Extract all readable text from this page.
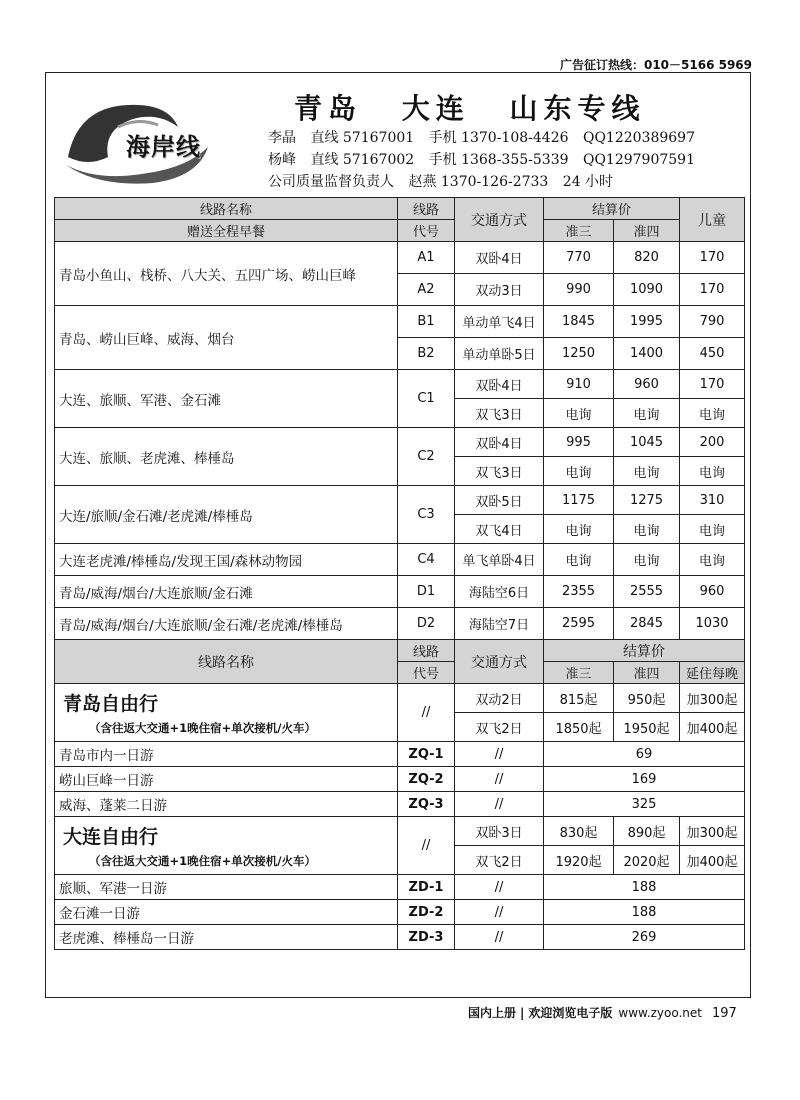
广告征订热线：010－5166 5969
海岸线
青岛 大连 山东专线
李晶 直线 57167001 手机 1370-108-4426 QQ1220389697
杨峰 直线 57167002 手机 1368-355-5339 QQ1297907591
公司质量监督负责人 赵燕 1370-126-2733 24 小时
线路名称	线路	交通方式	结算价		儿童
赠送全程早餐	代号		准三	准四	
青岛小鱼山、栈桥、八大关、五四广场、崂山巨峰	A1	双卧4日	770	820	170
	A2	双动3日	990	1090	170
青岛、崂山巨峰、威海、烟台	B1	单动单飞4日	1845	1995	790
	B2	单动单卧5日	1250	1400	450
大连、旅顺、军港、金石滩	C1	双卧4日	910	960	170
		双飞3日	电询	电询	电询
大连、旅顺、老虎滩、棒棰岛	C2	双卧4日	995	1045	200
		双飞3日	电询	电询	电询
大连/旅顺/金石滩/老虎滩/棒棰岛	C3	双卧5日	1175	1275	310
		双飞4日	电询	电询	电询
大连老虎滩/棒棰岛/发现王国/森林动物园	C4	单飞单卧4日	电询	电询	电询
青岛/威海/烟台/大连旅顺/金石滩	D1	海陆空6日	2355	2555	960
青岛/威海/烟台/大连旅顺/金石滩/老虎滩/棒棰岛	D2	海陆空7日	2595	2845	1030
线路名称	线路	交通方式	结算价		
	代号		准三	准四	延住每晚

青岛自由行
（含往返大交通+1晚住宿+单次接机/火车）	//	双动2日	815起	950起	加300起
		双飞2日	1850起	1950起	加400起
青岛市内一日游	ZQ-1	//	69		
崂山巨峰一日游	ZQ-2	//	169		
威海、蓬莱二日游	ZQ-3	//	325		

大连自由行
（含往返大交通+1晚住宿+单次接机/火车）	//	双卧3日	830起	890起	加300起
		双飞2日	1920起	2020起	加400起
旅顺、军港一日游	ZD-1	//	188		
金石滩一日游	ZD-2	//	188		
老虎滩、棒棰岛一日游	ZD-3	//	269		
国内上册 | 欢迎浏览电子版 www.zyoo.net 197
